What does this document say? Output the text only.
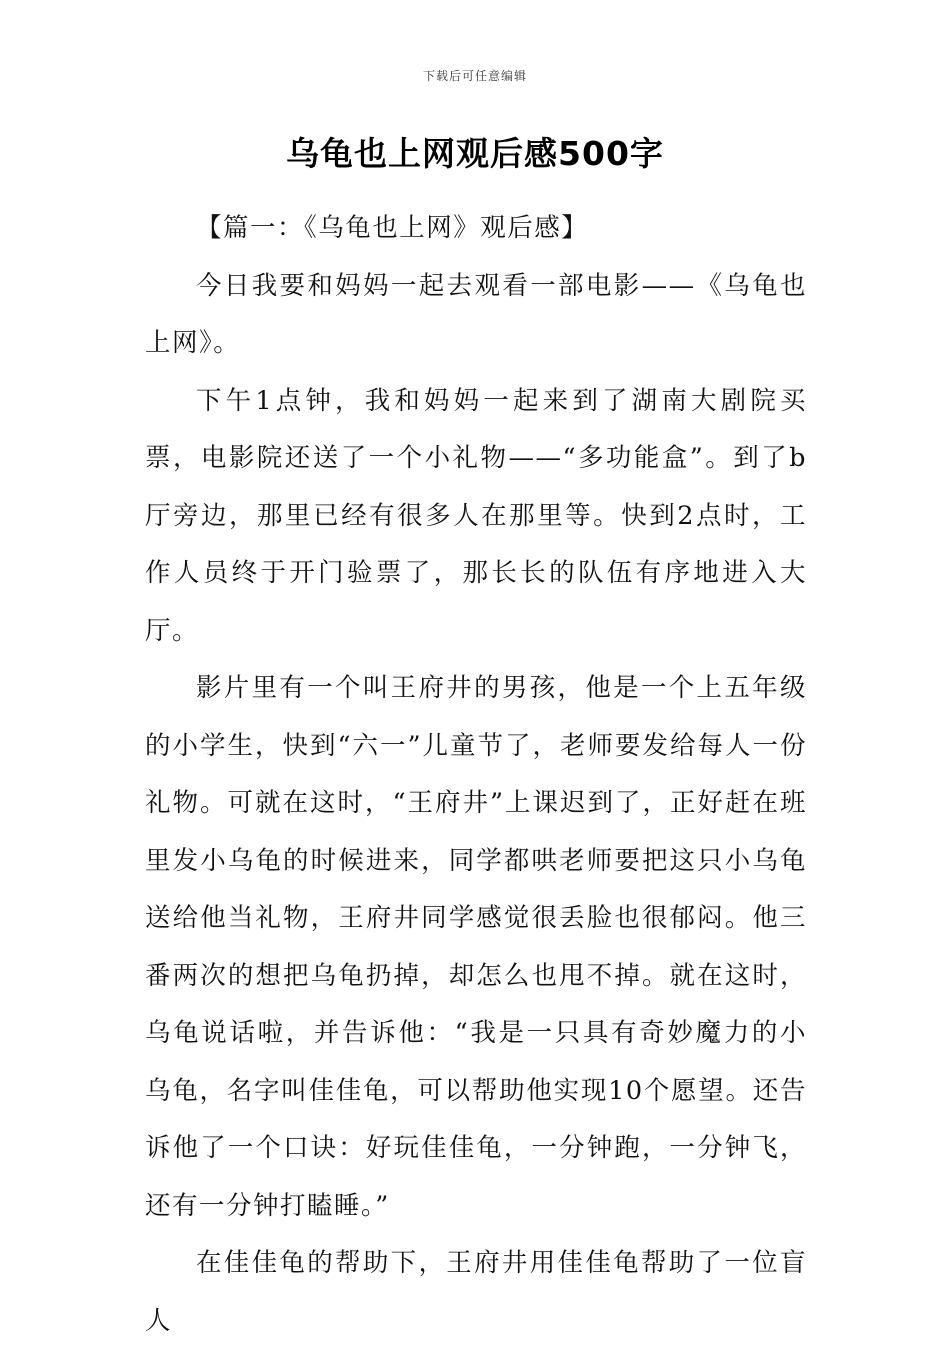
下载后可任意编辑
乌龟也上网观后感500字

【篇一：《乌龟也上网》观后感】

今日我要和妈妈一起去观看一部电影——《乌龟也上网》。

下午1点钟，我和妈妈一起来到了湖南大剧院买票，电影院还送了一个小礼物——“多功能盒”。到了b厅旁边，那里已经有很多人在那里等。快到2点时，工作人员终于开门验票了，那长长的队伍有序地进入大厅。

影片里有一个叫王府井的男孩，他是一个上五年级的小学生，快到“六一”儿童节了，老师要发给每人一份礼物。可就在这时，“王府井”上课迟到了，正好赶在班里发小乌龟的时候进来，同学都哄老师要把这只小乌龟送给他当礼物，王府井同学感觉很丢脸也很郁闷。他三番两次的想把乌龟扔掉，却怎么也甩不掉。就在这时，乌龟说话啦，并告诉他：“我是一只具有奇妙魔力的小乌龟，名字叫佳佳龟，可以帮助他实现10个愿望。还告诉他了一个口诀：好玩佳佳龟，一分钟跑，一分钟飞，还有一分钟打瞌睡。”

在佳佳龟的帮助下，王府井用佳佳龟帮助了一位盲人
